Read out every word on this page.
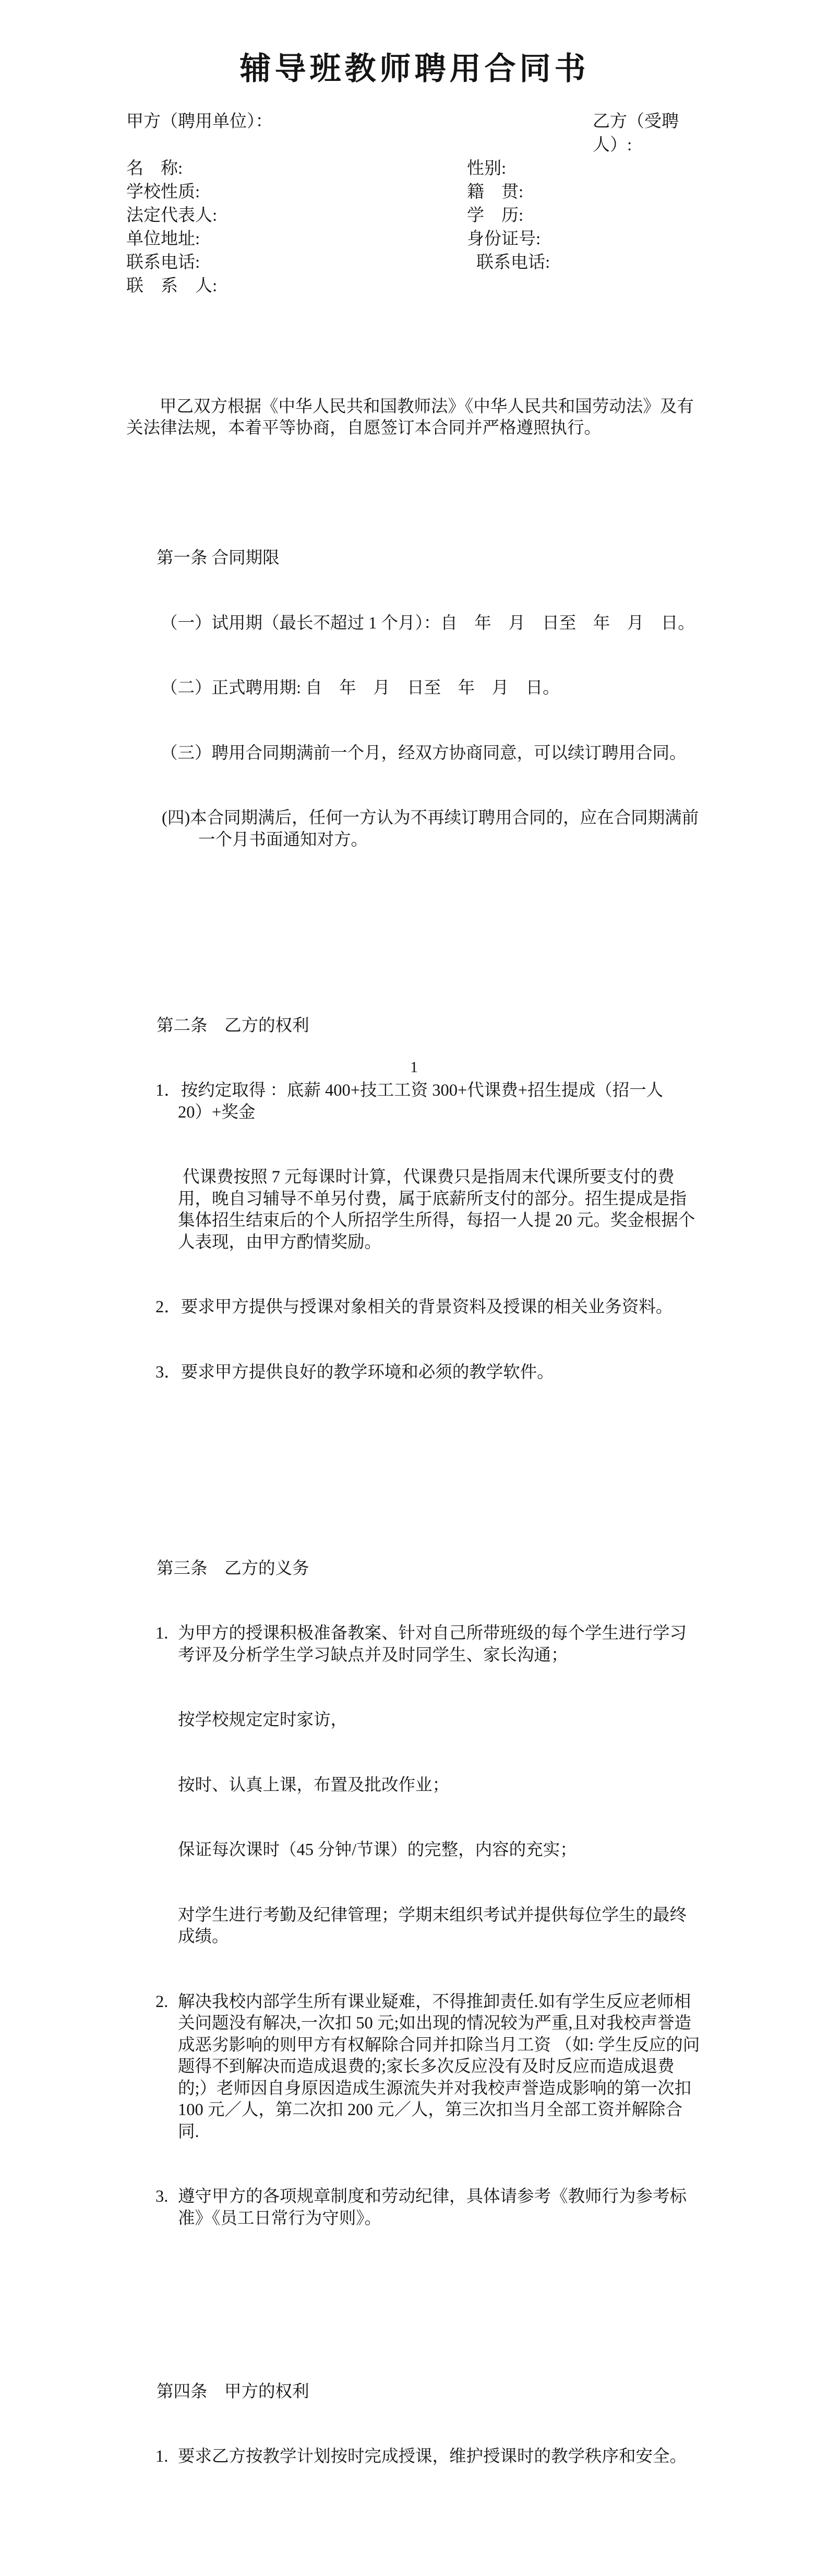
辅导班教师聘用合同书
甲方（聘用单位）：	乙方（受聘人）:
名　称:	性别:
学校性质:	籍　贯:
法定代表人:	学　历:
单位地址:	身份证号:
联系电话:	联系电话:
联　系　人:

甲乙双方根据《中华人民共和国教师法》《中华人民共和国劳动法》及有关法律法规，本着平等协商，自愿签订本合同并严格遵照执行。

第一条 合同期限

（一）试用期（最长不超过 1 个月）：自　年　月　日至　年　月　日。

（二）正式聘用期: 自　年　月　日至　年　月　日。

（三）聘用合同期满前一个月，经双方协商同意，可以续订聘用合同。

(四)本合同期满后，任何一方认为不再续订聘用合同的，应在合同期满前一个月书面通知对方。

第二条　乙方的权利

1．按约定取得 ：底薪 400+技工工资 300+代课费+招生提成（招一人 20）+奖金

代课费按照 7 元每课时计算，代课费只是指周末代课所要支付的费用，晚自习辅导不单另付费，属于底薪所支付的部分。招生提成是指集体招生结束后的个人所招学生所得，每招一人提 20 元。奖金根据个人表现，由甲方酌情奖励。

2．要求甲方提供与授课对象相关的背景资料及授课的相关业务资料。

3．要求甲方提供良好的教学环境和必须的教学软件。

第三条　乙方的义务

1. 为甲方的授课积极准备教案、针对自己所带班级的每个学生进行学习考评及分析学生学习缺点并及时同学生、家长沟通；

按学校规定定时家访，

按时、认真上课，布置及批改作业；

保证每次课时（45 分钟/节课）的完整，内容的充实；

对学生进行考勤及纪律管理；学期末组织考试并提供每位学生的最终成绩。

2. 解决我校内部学生所有课业疑难，不得推卸责任.如有学生反应老师相关问题没有解决,一次扣 50 元;如出现的情况较为严重,且对我校声誉造成恶劣影响的则甲方有权解除合同并扣除当月工资 （如: 学生反应的问题得不到解决而造成退费的;家长多次反应没有及时反应而造成退费的;）老师因自身原因造成生源流失并对我校声誉造成影响的第一次扣 100 元／人，第二次扣 200 元／人，第三次扣当月全部工资并解除合同.

3. 遵守甲方的各项规章制度和劳动纪律，具体请参考《教师行为参考标准》《员工日常行为守则》。

第四条　甲方的权利

1. 要求乙方按教学计划按时完成授课，维护授课时的教学秩序和安全。

1
